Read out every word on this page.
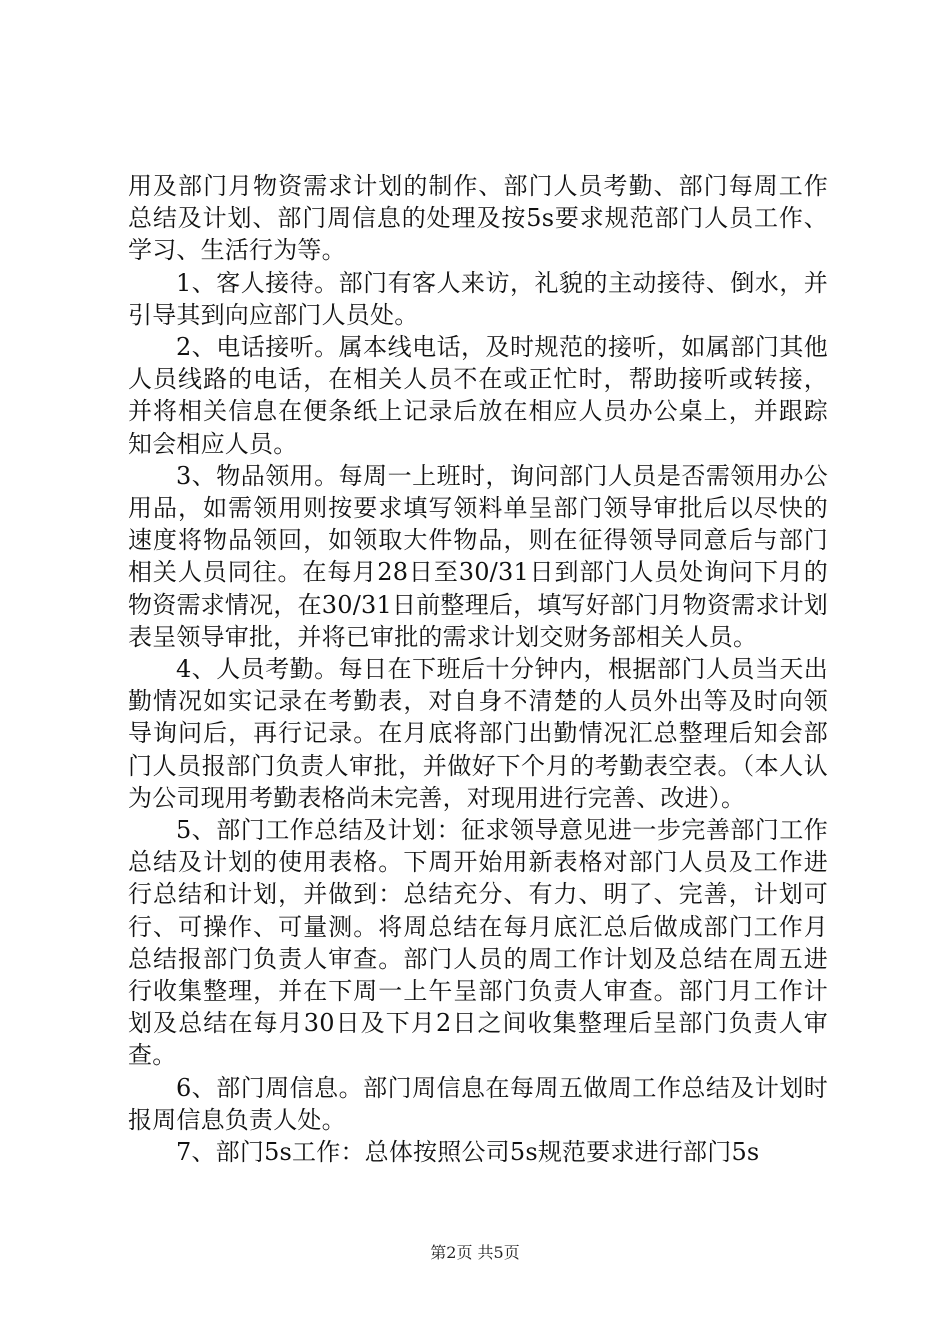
用及部门月物资需求计划的制作、部门人员考勤、部门每周工作总结及计划、部门周信息的处理及按5s要求规范部门人员工作、学习、生活行为等。

1、客人接待。部门有客人来访，礼貌的主动接待、倒水，并引导其到向应部门人员处。

2、电话接听。属本线电话，及时规范的接听，如属部门其他人员线路的电话，在相关人员不在或正忙时，帮助接听或转接，并将相关信息在便条纸上记录后放在相应人员办公桌上，并跟踪知会相应人员。

3、物品领用。每周一上班时，询问部门人员是否需领用办公用品，如需领用则按要求填写领料单呈部门领导审批后以尽快的速度将物品领回，如领取大件物品，则在征得领导同意后与部门相关人员同往。在每月28日至30/31日到部门人员处询问下月的物资需求情况，在30/31日前整理后，填写好部门月物资需求计划表呈领导审批，并将已审批的需求计划交财务部相关人员。

4、人员考勤。每日在下班后十分钟内，根据部门人员当天出勤情况如实记录在考勤表，对自身不清楚的人员外出等及时向领导询问后，再行记录。在月底将部门出勤情况汇总整理后知会部门人员报部门负责人审批，并做好下个月的考勤表空表。（本人认为公司现用考勤表格尚未完善，对现用进行完善、改进）。

5、部门工作总结及计划：征求领导意见进一步完善部门工作总结及计划的使用表格。下周开始用新表格对部门人员及工作进行总结和计划，并做到：总结充分、有力、明了、完善，计划可行、可操作、可量测。将周总结在每月底汇总后做成部门工作月总结报部门负责人审查。部门人员的周工作计划及总结在周五进行收集整理，并在下周一上午呈部门负责人审查。部门月工作计划及总结在每月30日及下月2日之间收集整理后呈部门负责人审查。

6、部门周信息。部门周信息在每周五做周工作总结及计划时报周信息负责人处。

7、部门5s工作：总体按照公司5s规范要求进行部门5s

第2页 共5页
